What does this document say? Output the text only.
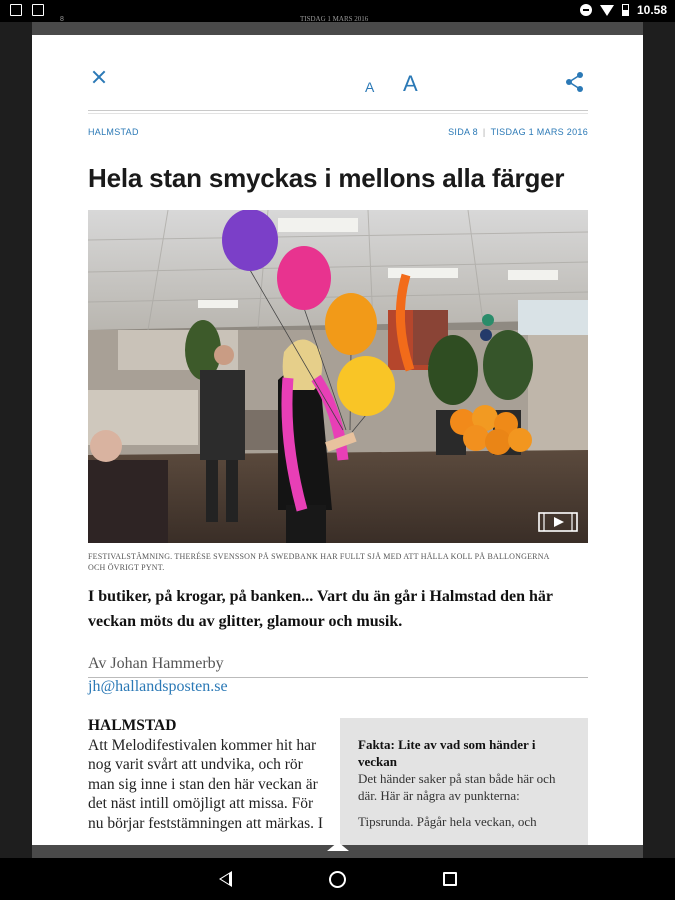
10.58
8	TISDAG 1 MARS 2016
A A
HALMSTAD	SIDA 8 | TISDAG 1 MARS 2016
Hela stan smyckas i mellons alla färger

FESTIVALSTÄMNING. THERÉSE SVENSSON PÅ SWEDBANK HAR FULLT SJÅ MED ATT HÅLLA KOLL PÅ BALLONGERNA OCH ÖVRIGT PYNT.

I butiker, på krogar, på banken... Vart du än går i Halmstad den här veckan möts du av glitter, glamour och musik.

Av Johan Hammerby
jh@hallandsposten.se
HALMSTAD
Att Melodifestivalen kommer hit har nog varit svårt att undvika, och rör man sig inne i stan den här veckan är det näst intill omöjligt att missa. För nu börjar feststämningen att märkas. I
Fakta: Lite av vad som händer i veckan
Det händer saker på stan både här och där. Här är några av punkterna:
Tipsrunda. Pågår hela veckan, och
